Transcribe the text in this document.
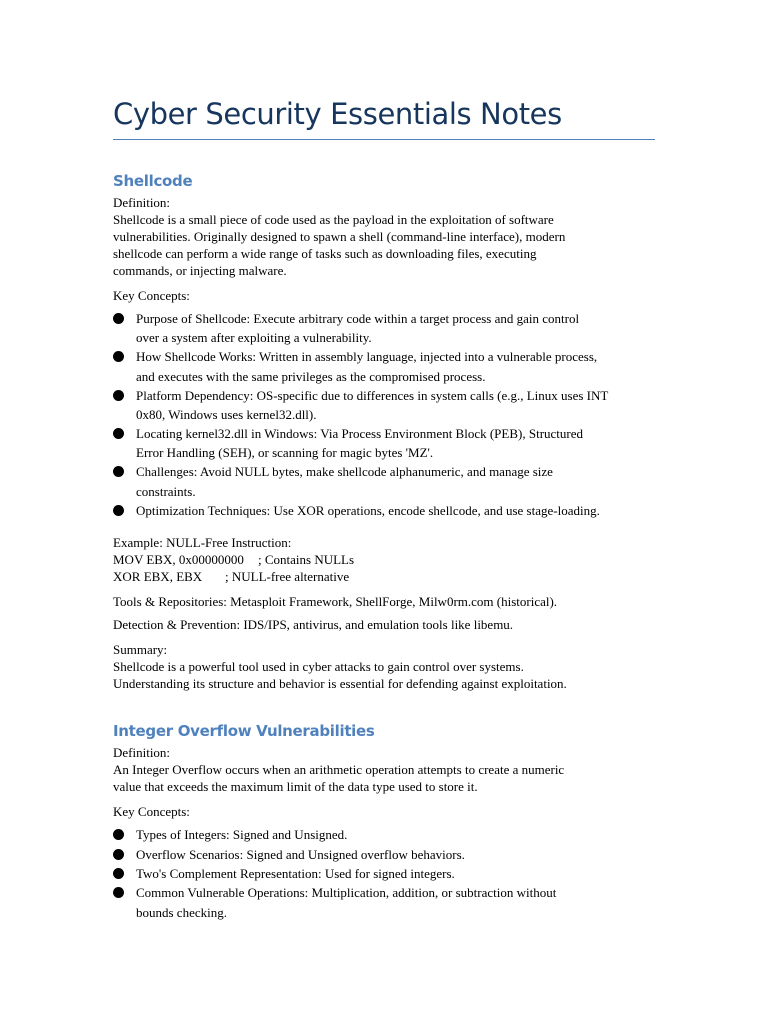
Cyber Security Essentials Notes
Shellcode
Definition:
Shellcode is a small piece of code used as the payload in the exploitation of software
vulnerabilities. Originally designed to spawn a shell (command-line interface), modern
shellcode can perform a wide range of tasks such as downloading files, executing
commands, or injecting malware.
Key Concepts:
Purpose of Shellcode: Execute arbitrary code within a target process and gain control
over a system after exploiting a vulnerability.
How Shellcode Works: Written in assembly language, injected into a vulnerable process,
and executes with the same privileges as the compromised process.
Platform Dependency: OS-specific due to differences in system calls (e.g., Linux uses INT
0x80, Windows uses kernel32.dll).
Locating kernel32.dll in Windows: Via Process Environment Block (PEB), Structured
Error Handling (SEH), or scanning for magic bytes 'MZ'.
Challenges: Avoid NULL bytes, make shellcode alphanumeric, and manage size
constraints.
Optimization Techniques: Use XOR operations, encode shellcode, and use stage-loading.
Example: NULL-Free Instruction:
MOV EBX, 0x00000000 ; Contains NULLs
XOR EBX, EBX ; NULL-free alternative
Tools & Repositories: Metasploit Framework, ShellForge, Milw0rm.com (historical).
Detection & Prevention: IDS/IPS, antivirus, and emulation tools like libemu.
Summary:
Shellcode is a powerful tool used in cyber attacks to gain control over systems.
Understanding its structure and behavior is essential for defending against exploitation.
Integer Overflow Vulnerabilities
Definition:
An Integer Overflow occurs when an arithmetic operation attempts to create a numeric
value that exceeds the maximum limit of the data type used to store it.
Key Concepts:
Types of Integers: Signed and Unsigned.
Overflow Scenarios: Signed and Unsigned overflow behaviors.
Two's Complement Representation: Used for signed integers.
Common Vulnerable Operations: Multiplication, addition, or subtraction without
bounds checking.
